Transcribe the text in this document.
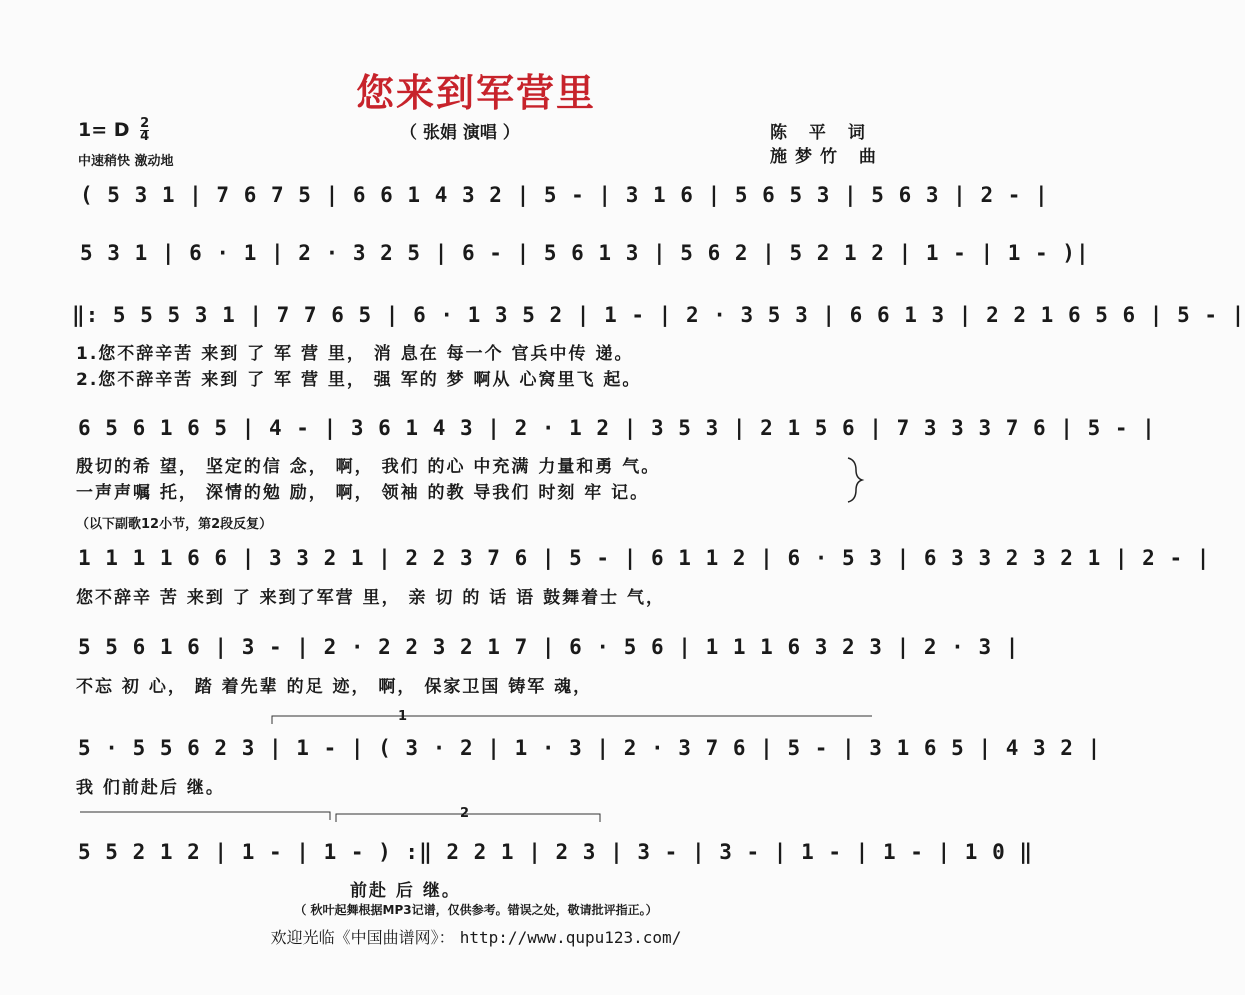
您来到军营里
（ 张娟 演唱 ）	陈 平 词
施梦竹 曲
1= D $\frac{2}{4}$
中速稍快 激动地
( 5 3 1 | 7 6 7 5 | 6 6 1 4 3 2 | 5 - | 3 1 6 | 5 6 5 3 | 5 6 3 | 2 - |
5 3 1 | 6 · 1 | 2 · 3 2 5 | 6 - | 5 6 1 3 | 5 6 2 | 5 2 1 2 | 1 - | 1 - )|
‖: 5 5 5 3 1 | 7 7 6 5 | 6 · 1 3 5 2 | 1 - | 2 · 3 5 3 | 6 6 1 3 | 2 2 1 6 5 6 | 5 - |
1.您不辞辛苦 来到 了 军 营 里， 消 息在 每一个 官兵中传 递。
2.您不辞辛苦 来到 了 军 营 里， 强 军的 梦 啊从 心窝里飞 起。
6 5 6 1 6 5 | 4 - | 3 6 1 4 3 | 2 · 1 2 | 3 5 3 | 2 1 5 6 | 7 3 3 3 7 6 | 5 - |
殷切的希 望， 坚定的信 念， 啊， 我们 的心 中充满 力量和勇 气。
一声声嘱 托， 深情的勉 励， 啊， 领袖 的教 导我们 时刻 牢 记。
（以下副歌12小节，第2段反复）
1 1 1 1 6 6 | 3 3 2 1 | 2 2 3 7 6 | 5 - | 6 1 1 2 | 6 · 5 3 | 6 3 3 2 3 2 1 | 2 - |
您不辞辛 苦 来到 了 来到了军营 里， 亲 切 的 话 语 鼓舞着士 气，
5 5 6 1 6 | 3 - | 2 · 2 2 3 2 1 7 | 6 · 5 6 | 1 1 1 6 3 2 3 | 2 · 3 |
不忘 初 心， 踏 着先辈 的足 迹， 啊， 保家卫国 铸军 魂，
5 · 5 5 6 2 3 | 1 - | ( 3 · 2 | 1 · 3 | 2 · 3 7 6 | 5 - | 3 1 6 5 | 4 3 2 |
我 们前赴后 继。
5 5 2 1 2 | 1 - | 1 - ) :‖ 2 2 1 | 2 3 | 3 - | 3 - | 1 - | 1 - | 1 0 ‖
前赴 后 继。
1
2
（ 秋叶起舞根据MP3记谱，仅供参考。错误之处，敬请批评指正。）
欢迎光临《中国曲谱网》： http://www.qupu123.com/
